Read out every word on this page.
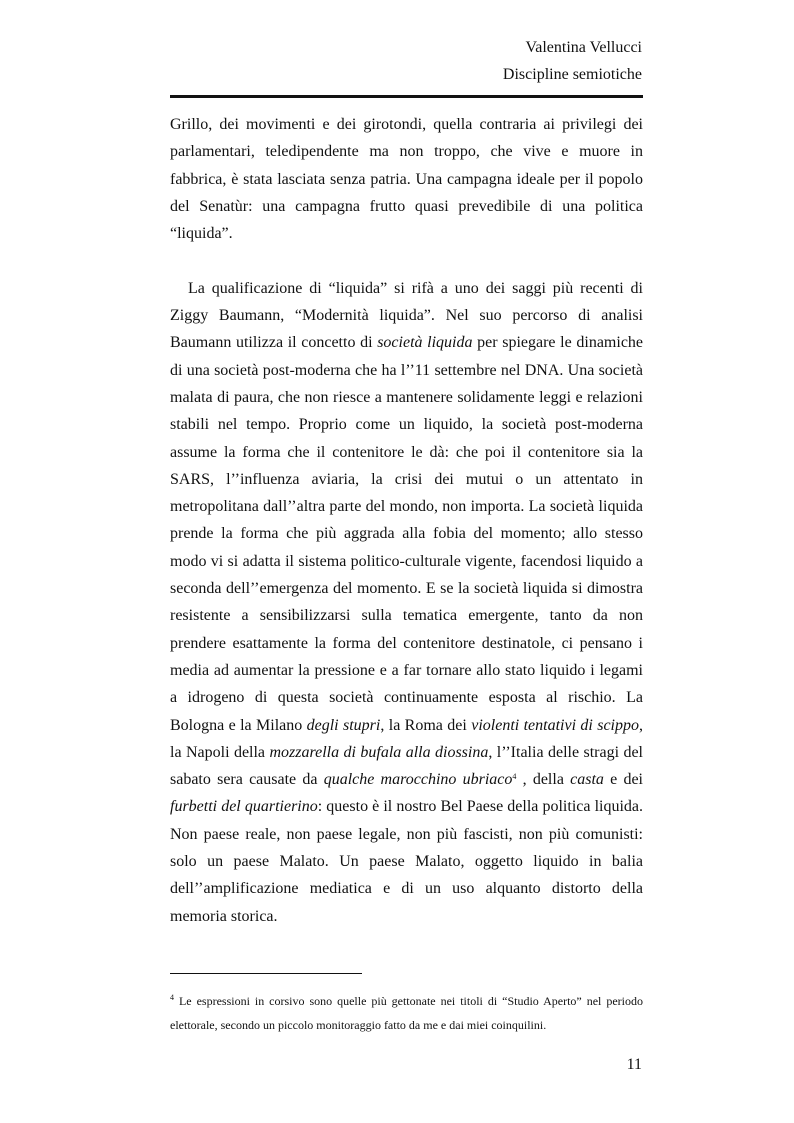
Valentina Vellucci
Discipline semiotiche

Grillo, dei movimenti e dei girotondi, quella contraria ai privilegi dei parlamentari, teledipendente ma non troppo, che vive e muore in fabbrica, è stata lasciata senza patria. Una campagna ideale per il popolo del Senatùr: una campagna frutto quasi prevedibile di una politica “liquida”.

La qualificazione di “liquida” si rifà a uno dei saggi più recenti di Ziggy Baumann, “Modernità liquida”. Nel suo percorso di analisi Baumann utilizza il concetto di società liquida per spiegare le dinamiche di una società post-moderna che ha l’’11 settembre nel DNA. Una società malata di paura, che non riesce a mantenere solidamente leggi e relazioni stabili nel tempo. Proprio come un liquido, la società post-moderna assume la forma che il contenitore le dà: che poi il contenitore sia la SARS, l’’influenza aviaria, la crisi dei mutui o un attentato in metropolitana dall’’altra parte del mondo, non importa. La società liquida prende la forma che più aggrada alla fobia del momento; allo stesso modo vi si adatta il sistema politico-culturale vigente, facendosi liquido a seconda dell’’emergenza del momento. E se la società liquida si dimostra resistente a sensibilizzarsi sulla tematica emergente, tanto da non prendere esattamente la forma del contenitore destinatole, ci pensano i media ad aumentar la pressione e a far tornare allo stato liquido i legami a idrogeno di questa società continuamente esposta al rischio. La Bologna e la Milano degli stupri, la Roma dei violenti tentativi di scippo, la Napoli della mozzarella di bufala alla diossina, l’’Italia delle stragi del sabato sera causate da qualche marocchino ubriaco$^4$ , della casta e dei furbetti del quartierino: questo è il nostro Bel Paese della politica liquida. Non paese reale, non paese legale, non più fascisti, non più comunisti: solo un paese Malato. Un paese Malato, oggetto liquido in balia dell’’amplificazione mediatica e di un uso alquanto distorto della memoria storica.

$^4$ Le espressioni in corsivo sono quelle più gettonate nei titoli di “Studio Aperto” nel periodo elettorale, secondo un piccolo monitoraggio fatto da me e dai miei coinquilini.
11
